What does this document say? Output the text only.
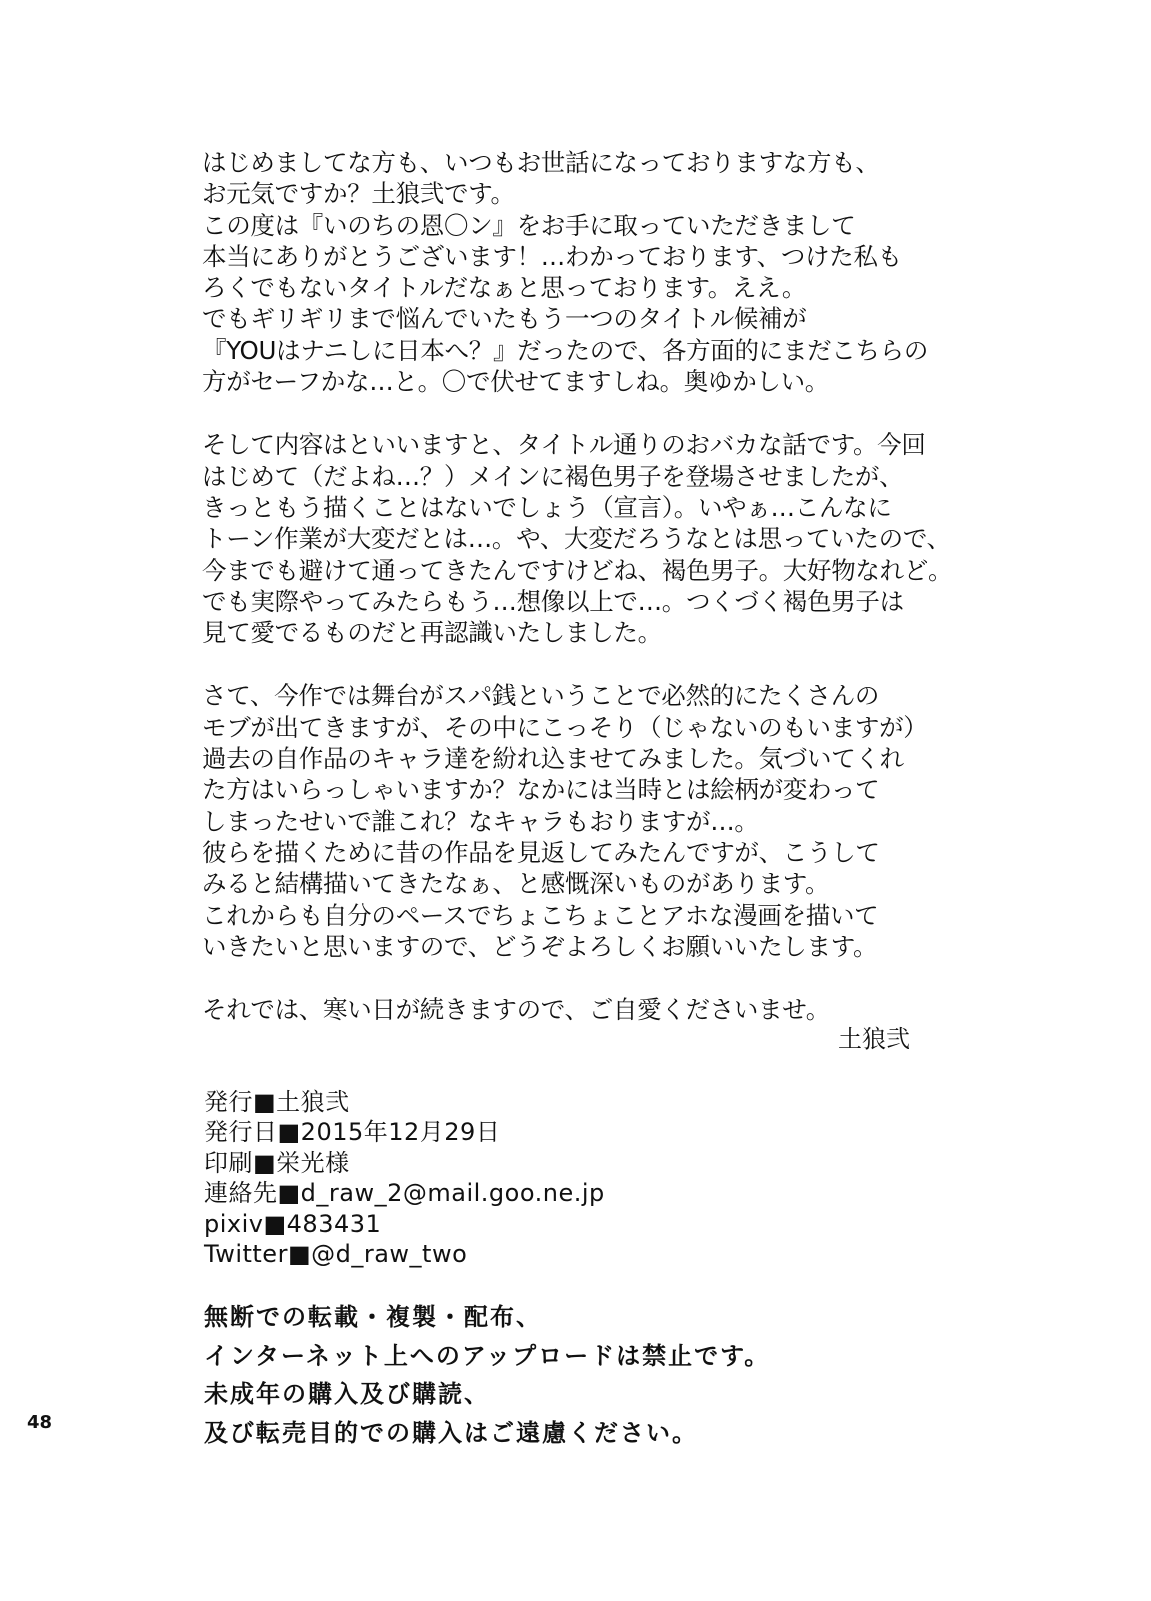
はじめましてな方も、いつもお世話になっておりますな方も、
お元気ですか？土狼弐です。
この度は『いのちの恩〇ン』をお手に取っていただきまして
本当にありがとうございます！…わかっております、つけた私も
ろくでもないタイトルだなぁと思っております。ええ。
でもギリギリまで悩んでいたもう一つのタイトル候補が
『YOUはナニしに日本へ？』だったので、各方面的にまだこちらの
方がセーフかな…と。〇で伏せてますしね。奥ゆかしい。
そして内容はといいますと、タイトル通りのおバカな話です。今回
はじめて（だよね…？）メインに褐色男子を登場させましたが、
きっともう描くことはないでしょう（宣言）。いやぁ…こんなに
トーン作業が大変だとは…。や、大変だろうなとは思っていたので、
今までも避けて通ってきたんですけどね、褐色男子。大好物なれど。
でも実際やってみたらもう…想像以上で…。つくづく褐色男子は
見て愛でるものだと再認識いたしました。
さて、今作では舞台がスパ銭ということで必然的にたくさんの
モブが出てきますが、その中にこっそり（じゃないのもいますが）
過去の自作品のキャラ達を紛れ込ませてみました。気づいてくれ
た方はいらっしゃいますか？なかには当時とは絵柄が変わって
しまったせいで誰これ？なキャラもおりますが…。
彼らを描くために昔の作品を見返してみたんですが、こうして
みると結構描いてきたなぁ、と感慨深いものがあります。
これからも自分のペースでちょこちょことアホな漫画を描いて
いきたいと思いますので、どうぞよろしくお願いいたします。
それでは、寒い日が続きますので、ご自愛くださいませ。
土狼弐
発行■土狼弐
発行日■2015年12月29日
印刷■栄光様
連絡先■d_raw_2@mail.goo.ne.jp
pixiv■483431
Twitter■@d_raw_two
無断での転載・複製・配布、
インターネット上へのアップロードは禁止です。
未成年の購入及び購読、
及び転売目的での購入はご遠慮ください。
48
